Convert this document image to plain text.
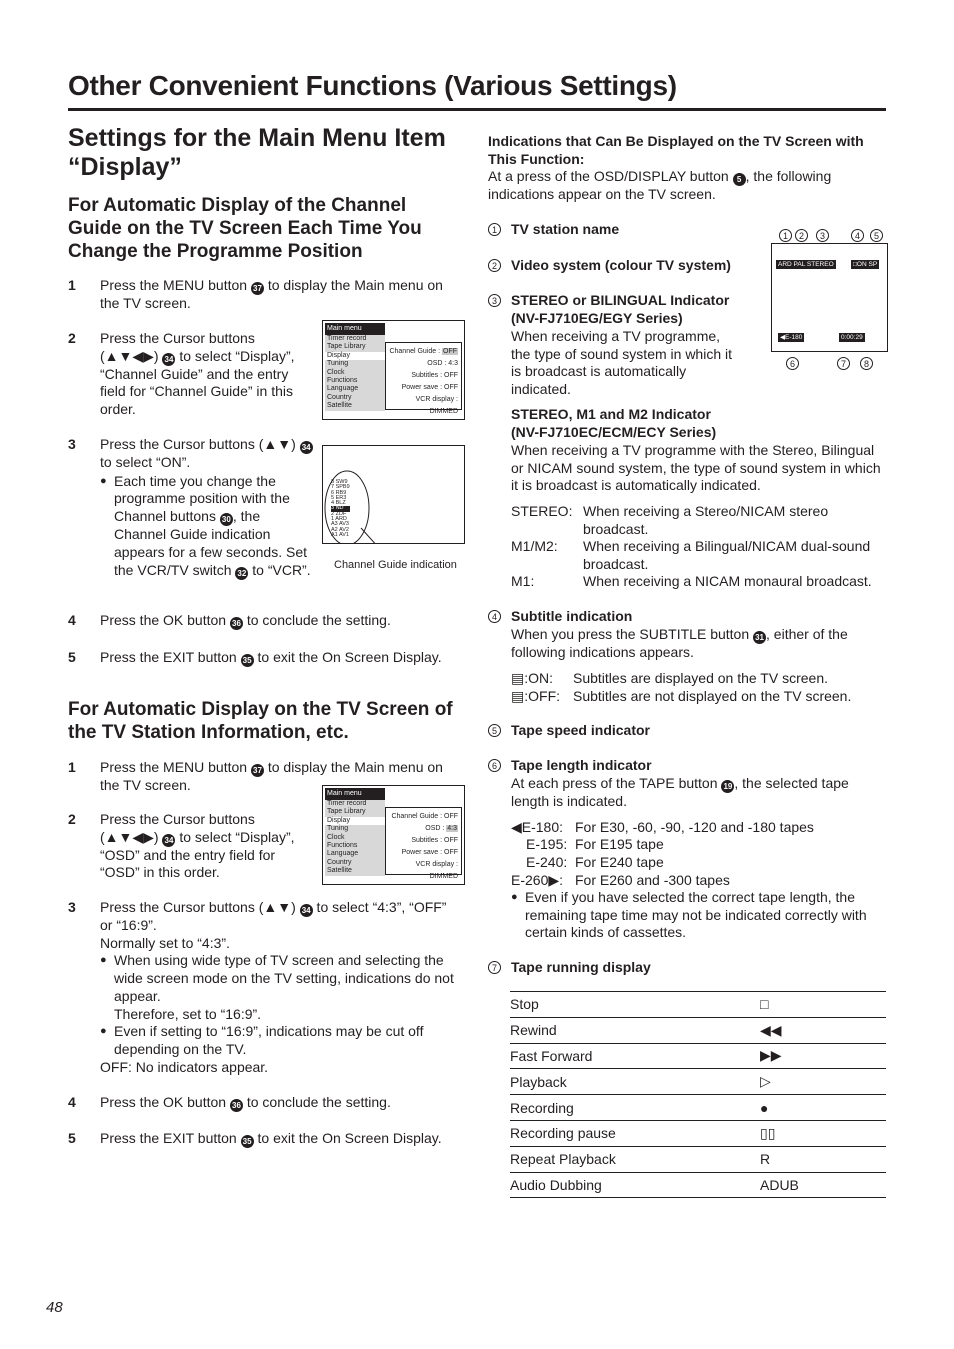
Other Convenient Functions (Various Settings)
Settings for the Main Menu Item “Display”
For Automatic Display of the Channel Guide on the TV Screen Each Time You Change the Programme Position
1 Press the MENU button 37 to display the Main menu on the TV screen.
2 Press the Cursor buttons (▲▼◀▶) 34 to select “Display”, “Channel Guide” and the entry field for “Channel Guide” in this order.
3 Press the Cursor buttons (▲▼) 34 to select “ON”.
● Each time you change the programme position with the Channel buttons 30 , the Channel Guide indication appears for a few seconds. Set the VCR/TV switch 32 to “VCR”.
4 Press the OK button 36 to conclude the setting.
5 Press the EXIT button 35 to exit the On Screen Display.
Main menu
Timer record
Tape Library
Display
Tuning
Clock
Functions
Language
Country
Satellite
Channel Guide : OFF
OSD : 4:3
Subtitles : OFF
Power save : OFF
VCR display : DIMMED
8 SW9
7 SPB9
6 RB9
5 ER3
4 BLZ
3 ND
2 ZDF
1 ARD
A3 AV3
A2 AV2
A1 AV1
Channel Guide indication
For Automatic Display on the TV Screen of the TV Station Information, etc.
1 Press the MENU button 37 to display the Main menu on the TV screen.
2 Press the Cursor buttons (▲▼◀▶) 34 to select “Display”, “OSD” and the entry field for “OSD” in this order.
3 Press the Cursor buttons (▲▼) 34 to select “4:3”, “OFF” or “16:9”.
Normally set to “4:3”.
● When using wide type of TV screen and selecting the wide screen mode on the TV setting, indications do not appear.
Therefore, set to “16:9”.
● Even if setting to “16:9”, indications may be cut off depending on the TV.
OFF: No indicators appear.
4 Press the OK button 36 to conclude the setting.
5 Press the EXIT button 35 to exit the On Screen Display.
Main menu
Timer record
Tape Library
Display
Tuning
Clock
Functions
Language
Country
Satellite
Channel Guide : OFF
OSD : 4:3
Subtitles : OFF
Power save : OFF
VCR display : DIMMED
Indications that Can Be Displayed on the TV Screen with This Function:
At a press of the OSD/DISPLAY button 5 , the following indications appear on the TV screen.
1 TV station name
2 Video system (colour TV system)
3 STEREO or BILINGUAL Indicator
(NV-FJ710EG/EGY Series)
When receiving a TV programme, the type of sound system in which it is broadcast is automatically indicated.
1	2	3	4	5
ARD PAL STEREO	□ON SP
◀E-180	0:00:29
6	7	8
STEREO, M1 and M2 Indicator
(NV-FJ710EC/ECM/ECY Series)
When receiving a TV programme with the Stereo, Bilingual or NICAM sound system, the type of sound system in which it is broadcast is automatically indicated.
STEREO: When receiving a Stereo/NICAM stereo broadcast.
M1/M2: When receiving a Bilingual/NICAM dual-sound broadcast.
M1:	When receiving a NICAM monaural broadcast.
4 Subtitle indication
When you press the SUBTITLE button 31 , either of the following indications appears.
▤:ON: Subtitles are displayed on the TV screen.
▤:OFF: Subtitles are not displayed on the TV screen.
5 Tape speed indicator
6 Tape length indicator
At each press of the TAPE button 19 , the selected tape length is indicated.
◀E-180: For E30, -60, -90, -120 and -180 tapes
E-195: For E195 tape
E-240: For E240 tape
E-260▶: For E260 and -300 tapes
● Even if you have selected the correct tape length, the remaining tape time may not be indicated correctly with certain kinds of cassettes.
7 Tape running display
Stop	□
Rewind	◀◀
Fast Forward	▶▶
Playback	▷
Recording	●
Recording pause	▯▯
Repeat Playback	R
Audio Dubbing	ADUB
48
